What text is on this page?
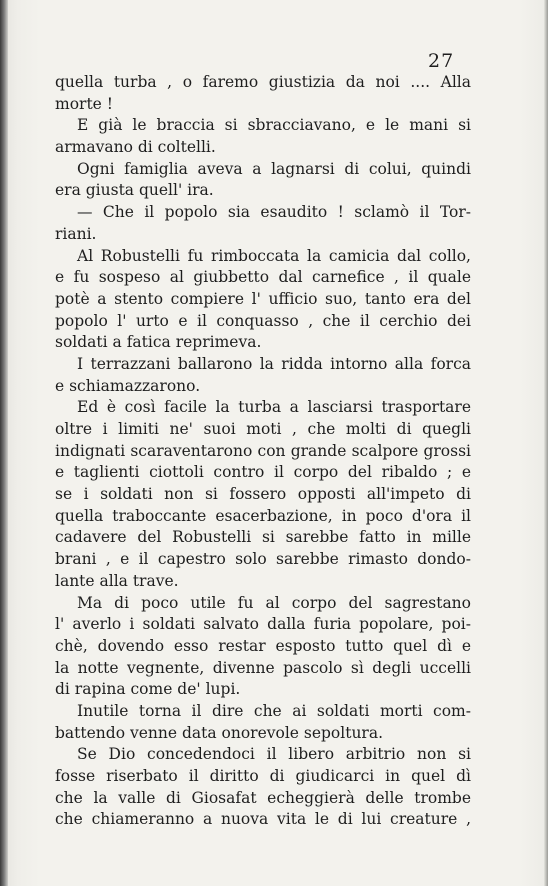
27
quella turba , o faremo giustizia da noi .... Alla
morte !
E già le braccia si sbracciavano, e le mani si
armavano di coltelli.
Ogni famiglia aveva a lagnarsi di colui, quindi
era giusta quell' ira.
— Che il popolo sia esaudito ! sclamò il Tor-
riani.
Al Robustelli fu rimboccata la camicia dal collo,
e fu sospeso al giubbetto dal carnefice , il quale
potè a stento compiere l' ufficio suo, tanto era del
popolo l' urto e il conquasso , che il cerchio dei
soldati a fatica reprimeva.
I terrazzani ballarono la ridda intorno alla forca
e schiamazzarono.
Ed è così facile la turba a lasciarsi trasportare
oltre i limiti ne' suoi moti , che molti di quegli
indignati scaraventarono con grande scalpore grossi
e taglienti ciottoli contro il corpo del ribaldo ; e
se i soldati non si fossero opposti all'impeto di
quella traboccante esacerbazione, in poco d'ora il
cadavere del Robustelli si sarebbe fatto in mille
brani , e il capestro solo sarebbe rimasto dondo-
lante alla trave.
Ma di poco utile fu al corpo del sagrestano
l' averlo i soldati salvato dalla furia popolare, poi-
chè, dovendo esso restar esposto tutto quel dì e
la notte vegnente, divenne pascolo sì degli uccelli
di rapina come de' lupi.
Inutile torna il dire che ai soldati morti com-
battendo venne data onorevole sepoltura.
Se Dio concedendoci il libero arbitrio non si
fosse riserbato il diritto di giudicarci in quel dì
che la valle di Giosafat echeggierà delle trombe
che chiameranno a nuova vita le di lui creature ,
